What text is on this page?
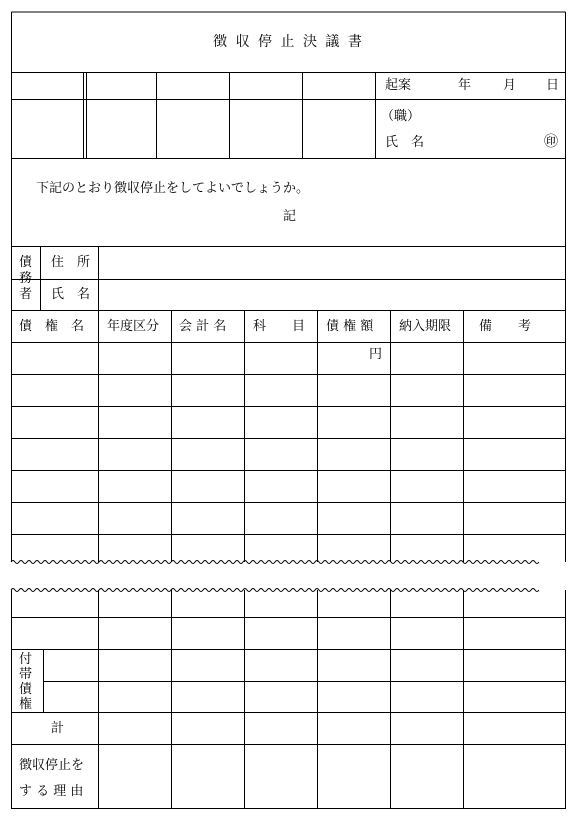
徴 収 停 止 決 議 書
起案	年 月 日
（職）
氏　名	㊞
下記のとおり徴収停止をしてよいでしょうか。
記
債
務
者
住　所
氏　名
債　権　名 年度区分 会 計 名 科　　目 債 権 額 納入期限 備　　考
円
付
帯
債
権
計
徴収停止を
す る 理 由
